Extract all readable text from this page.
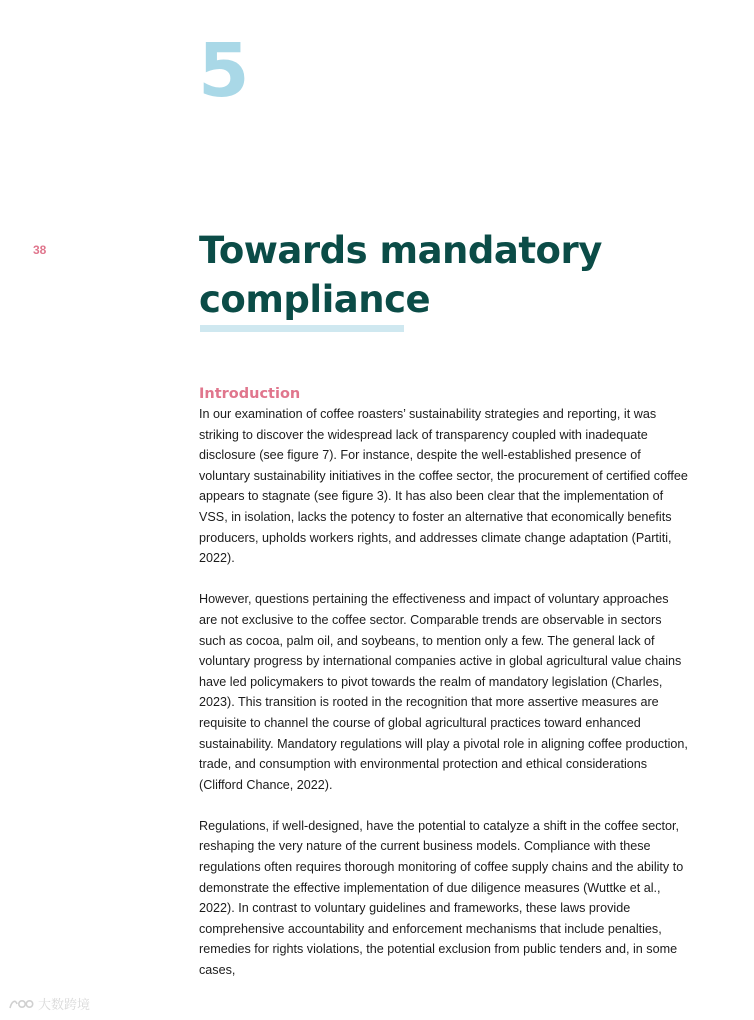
5
38	Towards mandatory
compliance
Introduction

In our examination of coffee roasters’ sustainability strategies and reporting, it was striking to discover the widespread lack of transparency coupled with inadequate disclosure (see figure 7). For instance, despite the well-established presence of voluntary sustainability initiatives in the coffee sector, the procurement of certified coffee appears to stagnate (see figure 3). It has also been clear that the implementation of VSS, in isolation, lacks the potency to foster an alternative that economically benefits producers, upholds workers rights, and addresses climate change adaptation (Partiti, 2022).

However, questions pertaining the effectiveness and impact of voluntary approaches are not exclusive to the coffee sector. Comparable trends are observable in sectors such as cocoa, palm oil, and soybeans, to mention only a few. The general lack of voluntary progress by international companies active in global agricultural value chains have led policymakers to pivot towards the realm of mandatory legislation (Charles, 2023). This transition is rooted in the recognition that more assertive measures are requisite to channel the course of global agricultural practices toward enhanced sustainability. Mandatory regulations will play a pivotal role in aligning coffee production, trade, and consumption with environmental protection and ethical considerations (Clifford Chance, 2022).

Regulations, if well-designed, have the potential to catalyze a shift in the coffee sector, reshaping the very nature of the current business models. Compliance with these regulations often requires thorough monitoring of coffee supply chains and the ability to demonstrate the effective implementation of due diligence measures (Wuttke et al., 2022). In contrast to voluntary guidelines and frameworks, these laws provide comprehensive accountability and enforcement mechanisms that include penalties, remedies for rights violations, the potential exclusion from public tenders and, in some cases,

大数跨境
